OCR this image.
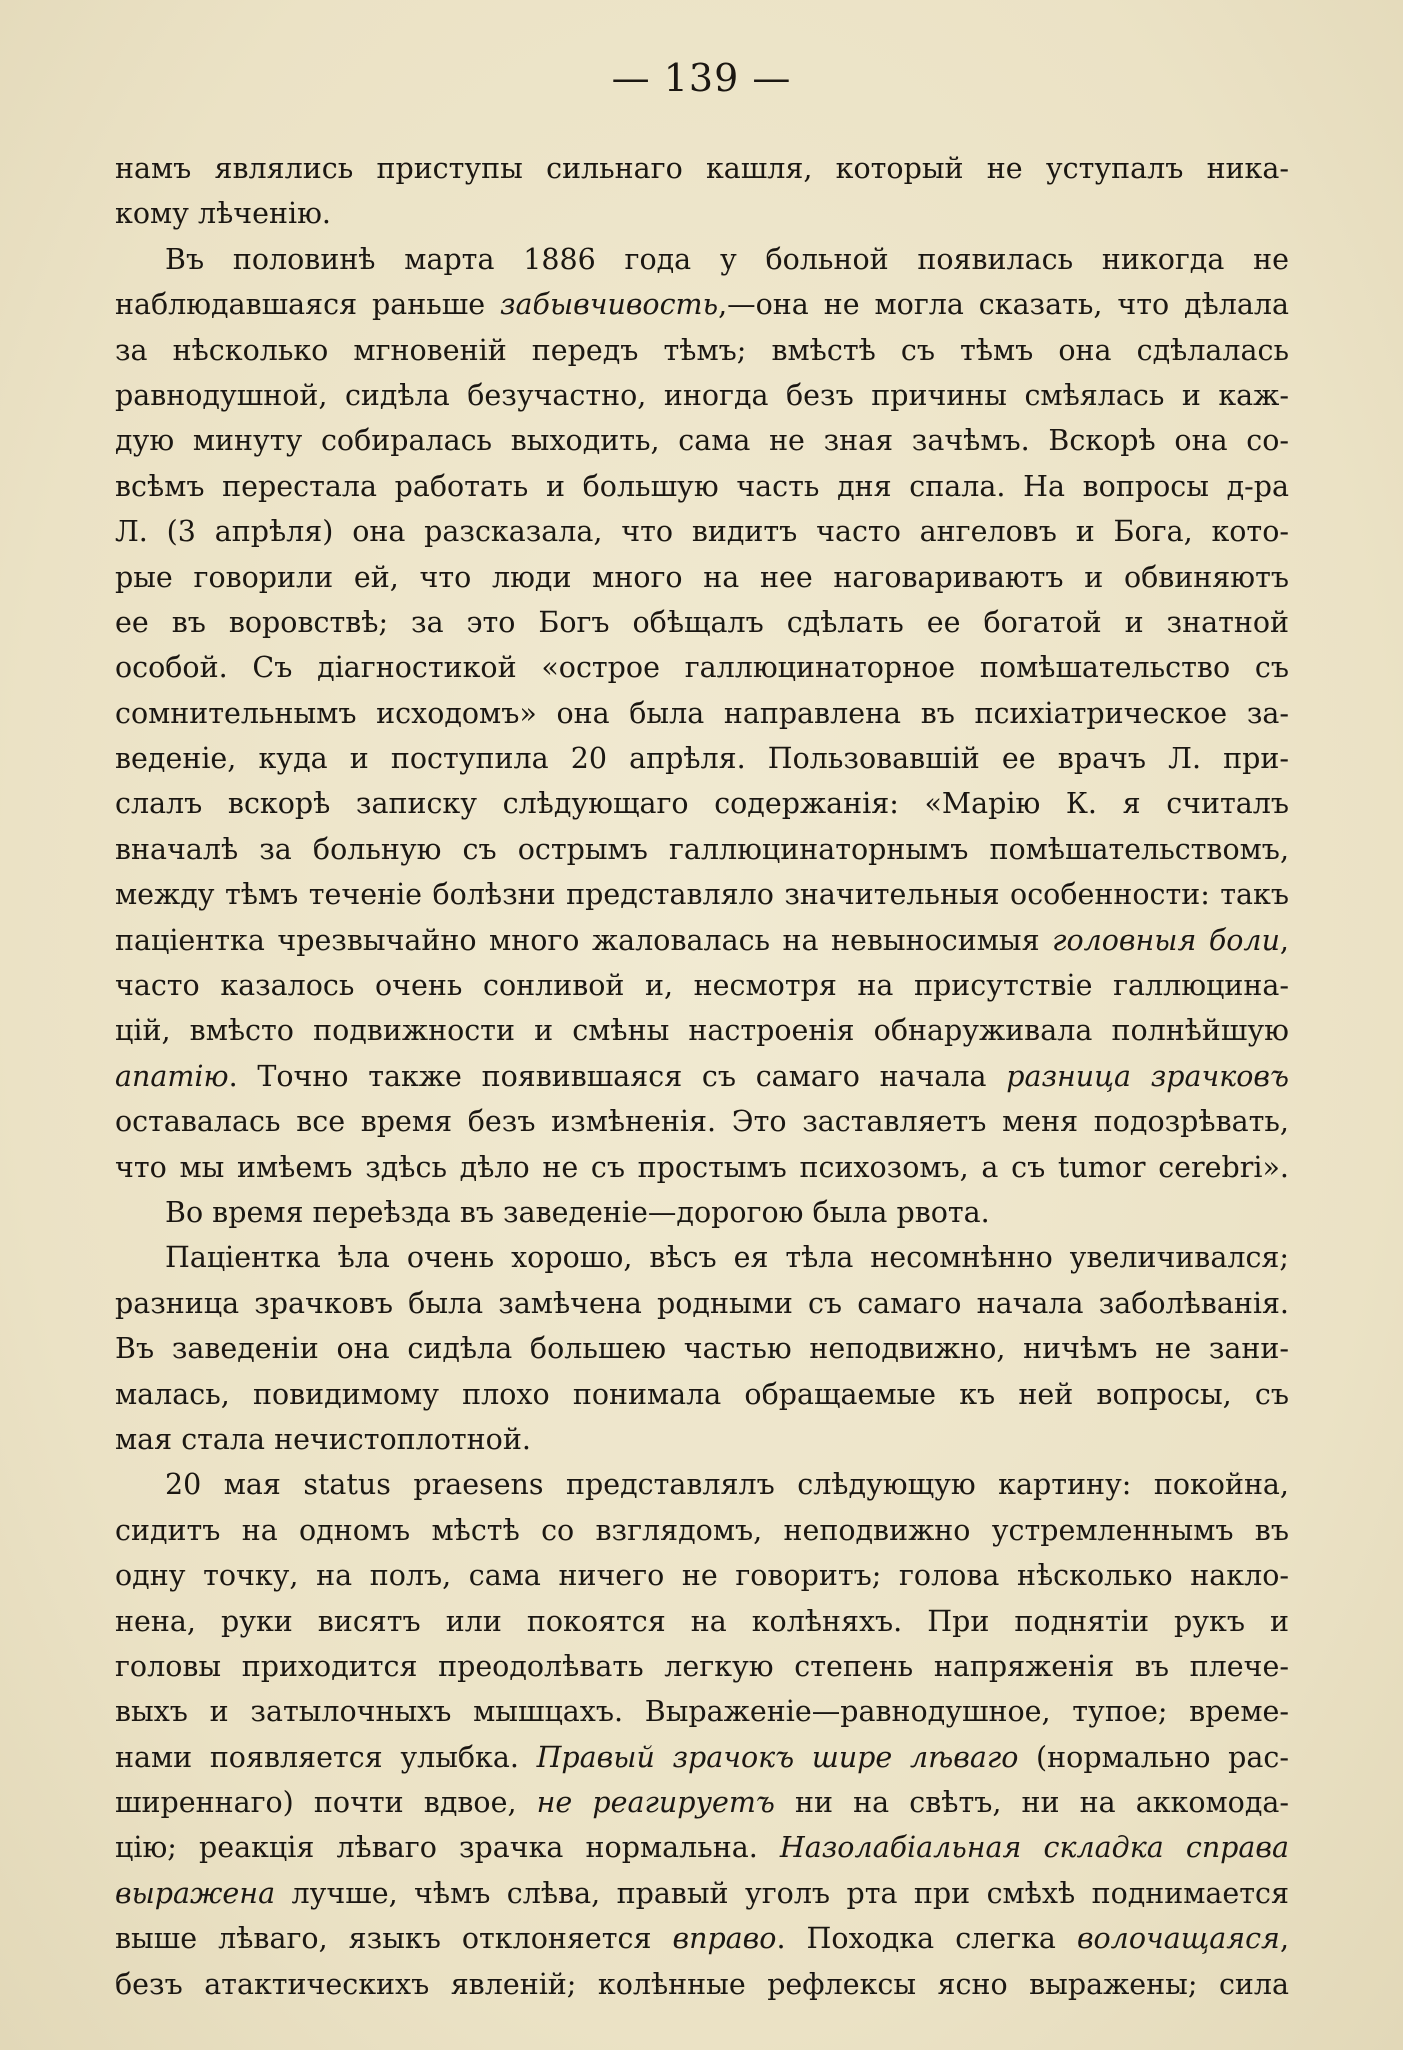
— 139 —
намъ являлись приступы сильнаго кашля, который не уступалъ ника-
кому лѣченію.
Въ половинѣ марта 1886 года у больной появилась никогда не
наблюдавшаяся раньше забывчивость,—она не могла сказать, что дѣлала
за нѣсколько мгновеній передъ тѣмъ; вмѣстѣ съ тѣмъ она сдѣлалась
равнодушной, сидѣла безучастно, иногда безъ причины смѣялась и каж-
дую минуту собиралась выходить, сама не зная зачѣмъ. Вскорѣ она со-
всѣмъ перестала работать и большую часть дня спала. На вопросы д-ра
Л. (3 апрѣля) она разсказала, что видитъ часто ангеловъ и Бога, кото-
рые говорили ей, что люди много на нее наговариваютъ и обвиняютъ
ее въ воровствѣ; за это Богъ обѣщалъ сдѣлать ее богатой и знатной
особой. Съ діагностикой «острое галлюцинаторное помѣшательство съ
сомнительнымъ исходомъ» она была направлена въ психіатрическое за-
веденіе, куда и поступила 20 апрѣля. Пользовавшій ее врачъ Л. при-
слалъ вскорѣ записку слѣдующаго содержанія: «Марію К. я считалъ
вначалѣ за больную съ острымъ галлюцинаторнымъ помѣшательствомъ,
между тѣмъ теченіе болѣзни представляло значительныя особенности: такъ
паціентка чрезвычайно много жаловалась на невыносимыя головныя боли,
часто казалось очень сонливой и, несмотря на присутствіе галлюцина-
цій, вмѣсто подвижности и смѣны настроенія обнаруживала полнѣйшую
апатію. Точно также появившаяся съ самаго начала разница зрачковъ
оставалась все время безъ измѣненія. Это заставляетъ меня подозрѣвать,
что мы имѣемъ здѣсь дѣло не съ простымъ психозомъ, а съ tumor cerebri».
Во время переѣзда въ заведеніе—дорогою была рвота.
Паціентка ѣла очень хорошо, вѣсъ ея тѣла несомнѣнно увеличивался;
разница зрачковъ была замѣчена родными съ самаго начала заболѣванія.
Въ заведеніи она сидѣла большею частью неподвижно, ничѣмъ не зани-
малась, повидимому плохо понимала обращаемые къ ней вопросы, съ
мая стала нечистоплотной.
20 мая status praesens представлялъ слѣдующую картину: покойна,
сидитъ на одномъ мѣстѣ со взглядомъ, неподвижно устремленнымъ въ
одну точку, на полъ, сама ничего не говоритъ; голова нѣсколько накло-
нена, руки висятъ или покоятся на колѣняхъ. При поднятіи рукъ и
головы приходится преодолѣвать легкую степень напряженія въ плече-
выхъ и затылочныхъ мышцахъ. Выраженіе—равнодушное, тупое; време-
нами появляется улыбка. Правый зрачокъ шире лѣваго (нормально рас-
ширеннаго) почти вдвое, не реагируетъ ни на свѣтъ, ни на аккомода-
цію; реакція лѣваго зрачка нормальна. Назолабіальная складка справа
выражена лучше, чѣмъ слѣва, правый уголъ рта при смѣхѣ поднимается
выше лѣваго, языкъ отклоняется вправо. Походка слегка волочащаяся,
безъ атактическихъ явленій; колѣнные рефлексы ясно выражены; сила
